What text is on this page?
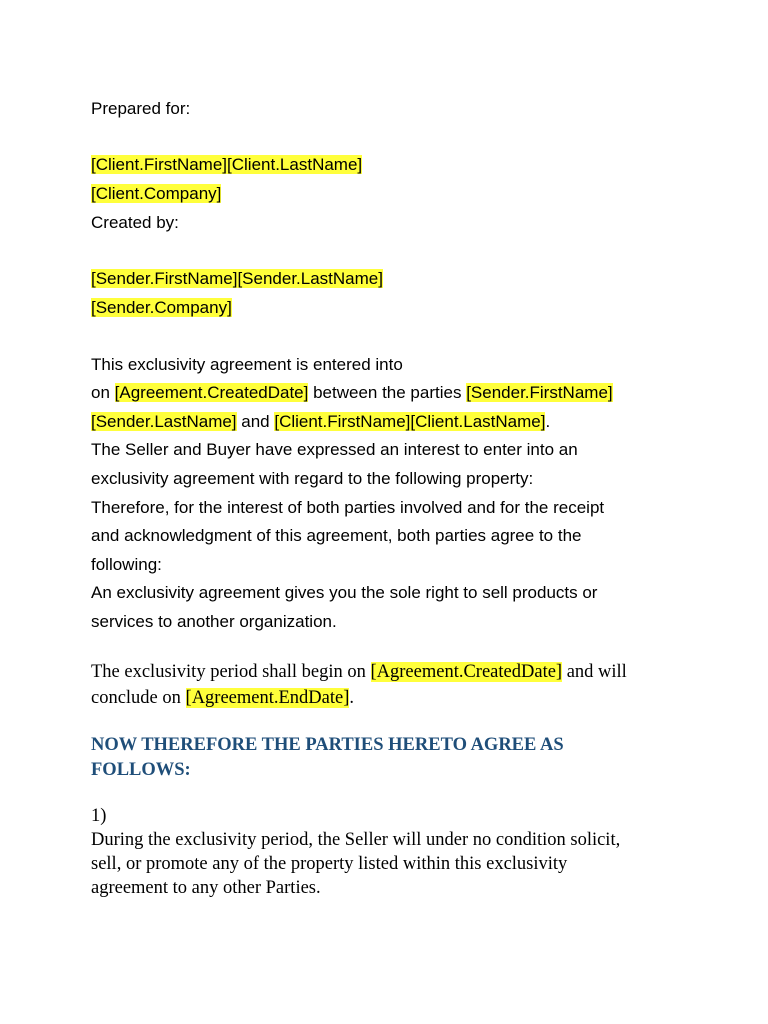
Prepared for:
[Client.FirstName][Client.LastName]
[Client.Company]
Created by:
[Sender.FirstName][Sender.LastName]
[Sender.Company]
This exclusivity agreement is entered into
on [Agreement.CreatedDate] between the parties [Sender.FirstName]
[Sender.LastName] and [Client.FirstName][Client.LastName].
The Seller and Buyer have expressed an interest to enter into an
exclusivity agreement with regard to the following property:
Therefore, for the interest of both parties involved and for the receipt
and acknowledgment of this agreement, both parties agree to the
following:
An exclusivity agreement gives you the sole right to sell products or
services to another organization.
The exclusivity period shall begin on [Agreement.CreatedDate] and will
conclude on [Agreement.EndDate].
NOW THEREFORE THE PARTIES HERETO AGREE AS
FOLLOWS:
1)
During the exclusivity period, the Seller will under no condition solicit,
sell, or promote any of the property listed within this exclusivity
agreement to any other Parties.
